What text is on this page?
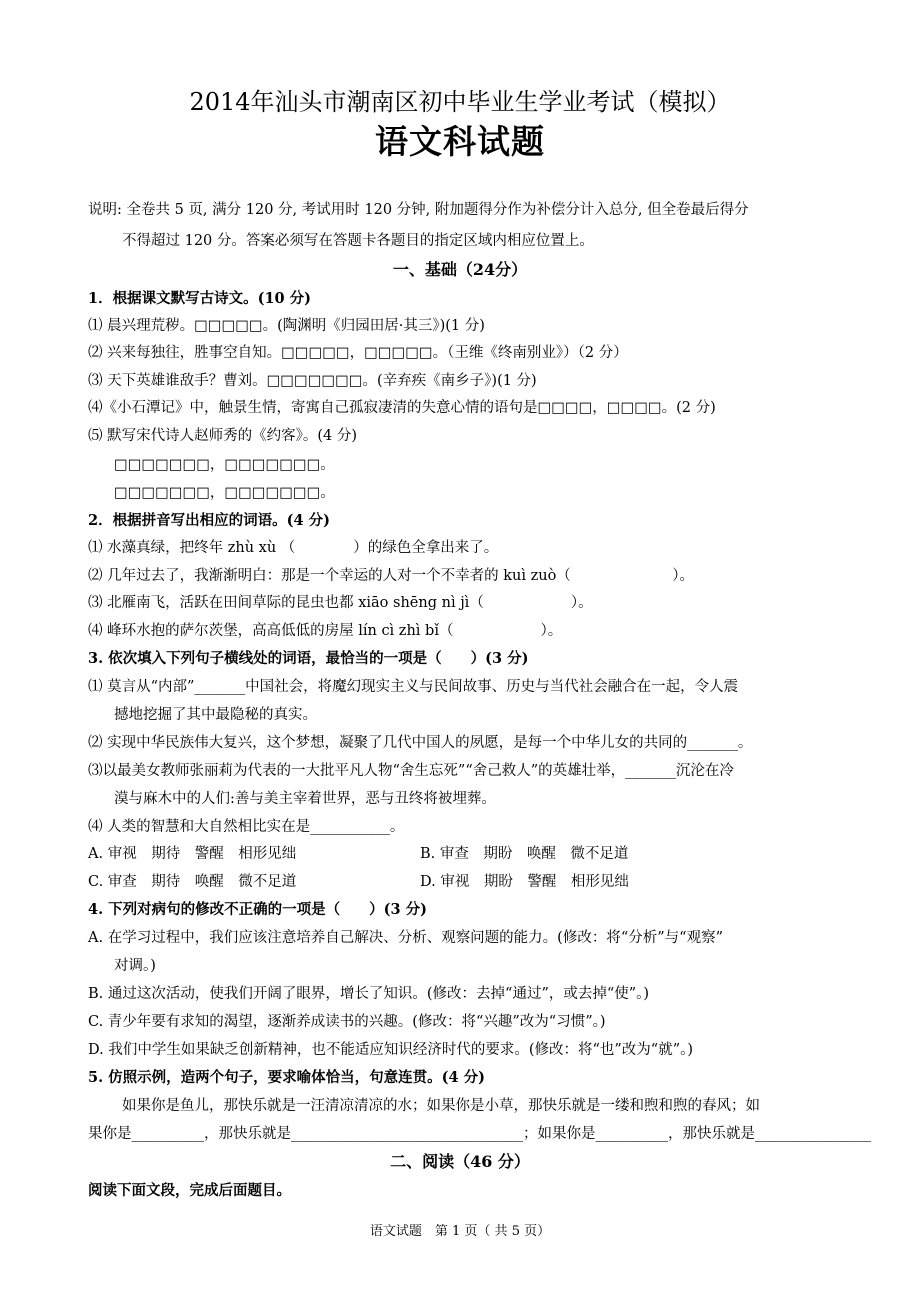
2014年汕头市潮南区初中毕业生学业考试（模拟）
语文科试题
说明: 全卷共 5 页, 满分 120 分, 考试用时 120 分钟, 附加题得分作为补偿分计入总分, 但全卷最后得分
不得超过 120 分。答案必须写在答题卡各题目的指定区域内相应位置上。
一、基础（24分）
1．根据课文默写古诗文。(10 分)
⑴ 晨兴理荒秽。□□□□□。(陶渊明《归园田居·其三》)(1 分)
⑵ 兴来每独往，胜事空自知。□□□□□，□□□□□。（王维《终南别业》）（2 分）
⑶ 天下英雄谁敌手？曹刘。□□□□□□□。(辛弃疾《南乡子》)(1 分)
⑷《小石潭记》中，触景生情，寄寓自己孤寂凄清的失意心情的语句是□□□□，□□□□。(2 分)
⑸ 默写宋代诗人赵师秀的《约客》。(4 分)
□□□□□□□，□□□□□□□。
□□□□□□□，□□□□□□□。
2．根据拼音写出相应的词语。(4 分)
⑴ 水藻真绿，把终年 zhù xù （　　　　）的绿色全拿出来了。
⑵ 几年过去了，我渐渐明白：那是一个幸运的人对一个不幸者的 kuì zuò（　　　　　　　）。
⑶ 北雁南飞，活跃在田间草际的昆虫也都 xiāo shēng nì jì（　　　　　　）。
⑷ 峰环水抱的萨尔茨堡，高高低低的房屋 lín cì zhì bǐ（　　　　　　）。
3. 依次填入下列句子横线处的词语，最恰当的一项是（　　）(3 分)
⑴ 莫言从“内部”_______中国社会，将魔幻现实主义与民间故事、历史与当代社会融合在一起，令人震
撼地挖掘了其中最隐秘的真实。
⑵ 实现中华民族伟大复兴，这个梦想，凝聚了几代中国人的夙愿，是每一个中华儿女的共同的_______。
⑶以最美女教师张丽莉为代表的一大批平凡人物“舍生忘死”“舍己救人”的英雄壮举，_______沉沦在冷
漠与麻木中的人们:善与美主宰着世界，恶与丑终将被埋葬。
⑷ 人类的智慧和大自然相比实在是___________。
A. 审视　期待　警醒　相形见绌	B. 审查　期盼　唤醒　微不足道
C. 审查　期待　唤醒　微不足道	D. 审视　期盼　警醒　相形见绌
4. 下列对病句的修改不正确的一项是（　　）(3 分)
A. 在学习过程中，我们应该注意培养自己解决、分析、观察问题的能力。(修改：将“分析”与“观察”
对调。)
B. 通过这次活动，使我们开阔了眼界，增长了知识。(修改：去掉“通过”，或去掉“使”。)
C. 青少年要有求知的渴望，逐渐养成读书的兴趣。(修改：将“兴趣”改为“习惯”。)
D. 我们中学生如果缺乏创新精神，也不能适应知识经济时代的要求。(修改：将“也”改为“就”。)
5. 仿照示例，造两个句子，要求喻体恰当，句意连贯。(4 分)
如果你是鱼儿，那快乐就是一汪清凉清凉的水；如果你是小草，那快乐就是一缕和煦和煦的春风；如
果你是__________，那快乐就是________________________________；如果你是__________，那快乐就是________________
二、阅读（46 分）
阅读下面文段，完成后面题目。
语文试题　第 1 页（ 共 5 页）
